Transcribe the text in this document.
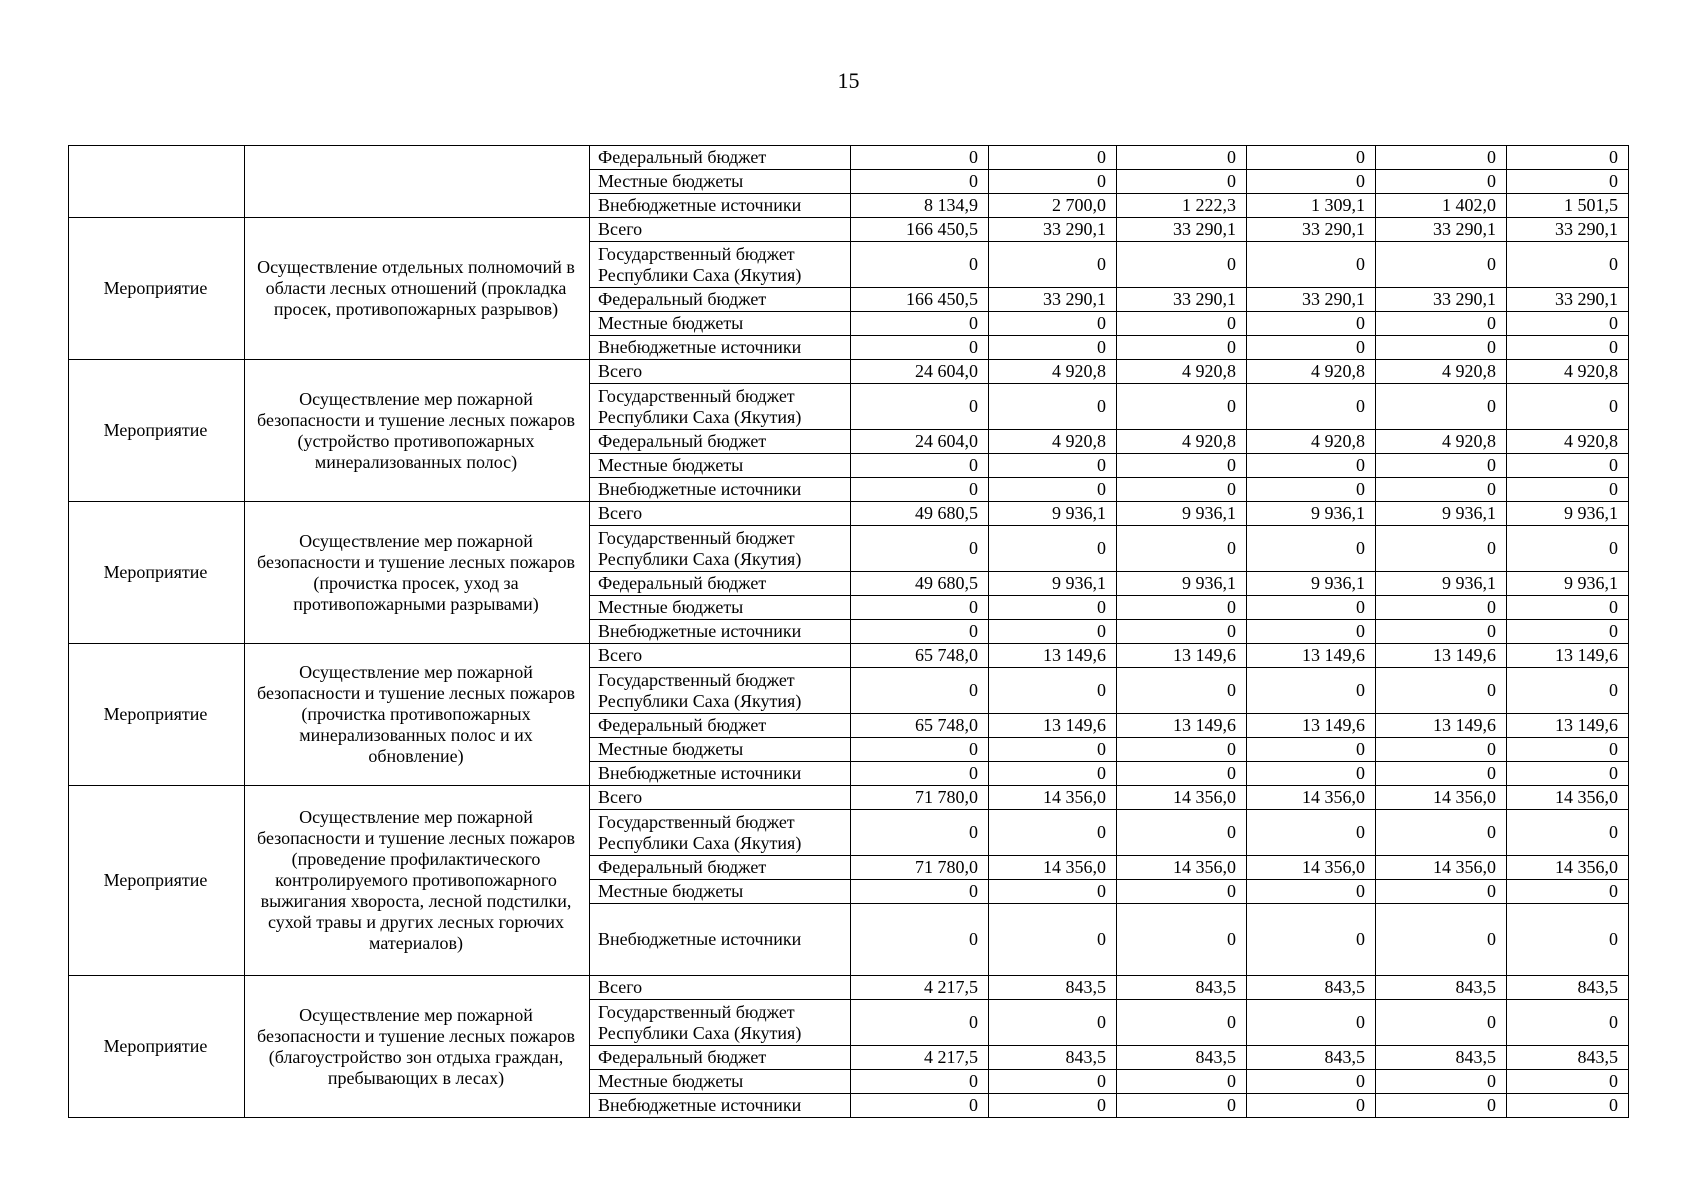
15
		Федеральный бюджет	0	0	0	0	0	0
		Местные бюджеты	0	0	0	0	0	0
		Внебюджетные источники	8 134,9	2 700,0	1 222,3	1 309,1	1 402,0	1 501,5
Мероприятие	Осуществление отдельных полномочий в области лесных отношений (прокладка просек, противопожарных разрывов)	Всего	166 450,5	33 290,1	33 290,1	33 290,1	33 290,1	33 290,1
		Государственный бюджет Республики Саха (Якутия)	0	0	0	0	0	0
		Федеральный бюджет	166 450,5	33 290,1	33 290,1	33 290,1	33 290,1	33 290,1
		Местные бюджеты	0	0	0	0	0	0
		Внебюджетные источники	0	0	0	0	0	0
Мероприятие	Осуществление мер пожарной безопасности и тушение лесных пожаров (устройство противопожарных минерализованных полос)	Всего	24 604,0	4 920,8	4 920,8	4 920,8	4 920,8	4 920,8
		Государственный бюджет Республики Саха (Якутия)	0	0	0	0	0	0
		Федеральный бюджет	24 604,0	4 920,8	4 920,8	4 920,8	4 920,8	4 920,8
		Местные бюджеты	0	0	0	0	0	0
		Внебюджетные источники	0	0	0	0	0	0
Мероприятие	Осуществление мер пожарной безопасности и тушение лесных пожаров (прочистка просек, уход за противопожарными разрывами)	Всего	49 680,5	9 936,1	9 936,1	9 936,1	9 936,1	9 936,1
		Государственный бюджет Республики Саха (Якутия)	0	0	0	0	0	0
		Федеральный бюджет	49 680,5	9 936,1	9 936,1	9 936,1	9 936,1	9 936,1
		Местные бюджеты	0	0	0	0	0	0
		Внебюджетные источники	0	0	0	0	0	0
Мероприятие	Осуществление мер пожарной безопасности и тушение лесных пожаров (прочистка противопожарных минерализованных полос и их обновление)	Всего	65 748,0	13 149,6	13 149,6	13 149,6	13 149,6	13 149,6
		Государственный бюджет Республики Саха (Якутия)	0	0	0	0	0	0
		Федеральный бюджет	65 748,0	13 149,6	13 149,6	13 149,6	13 149,6	13 149,6
		Местные бюджеты	0	0	0	0	0	0
		Внебюджетные источники	0	0	0	0	0	0
Мероприятие	Осуществление мер пожарной безопасности и тушение лесных пожаров (проведение профилактического контролируемого противопожарного выжигания хвороста, лесной подстилки, сухой травы и других лесных горючих материалов)	Всего	71 780,0	14 356,0	14 356,0	14 356,0	14 356,0	14 356,0
		Государственный бюджет Республики Саха (Якутия)	0	0	0	0	0	0
		Федеральный бюджет	71 780,0	14 356,0	14 356,0	14 356,0	14 356,0	14 356,0
		Местные бюджеты	0	0	0	0	0	0
		Внебюджетные источники	0	0	0	0	0	0
Мероприятие	Осуществление мер пожарной безопасности и тушение лесных пожаров (благоустройство зон отдыха граждан, пребывающих в лесах)	Всего	4 217,5	843,5	843,5	843,5	843,5	843,5
		Государственный бюджет Республики Саха (Якутия)	0	0	0	0	0	0
		Федеральный бюджет	4 217,5	843,5	843,5	843,5	843,5	843,5
		Местные бюджеты	0	0	0	0	0	0
		Внебюджетные источники	0	0	0	0	0	0
